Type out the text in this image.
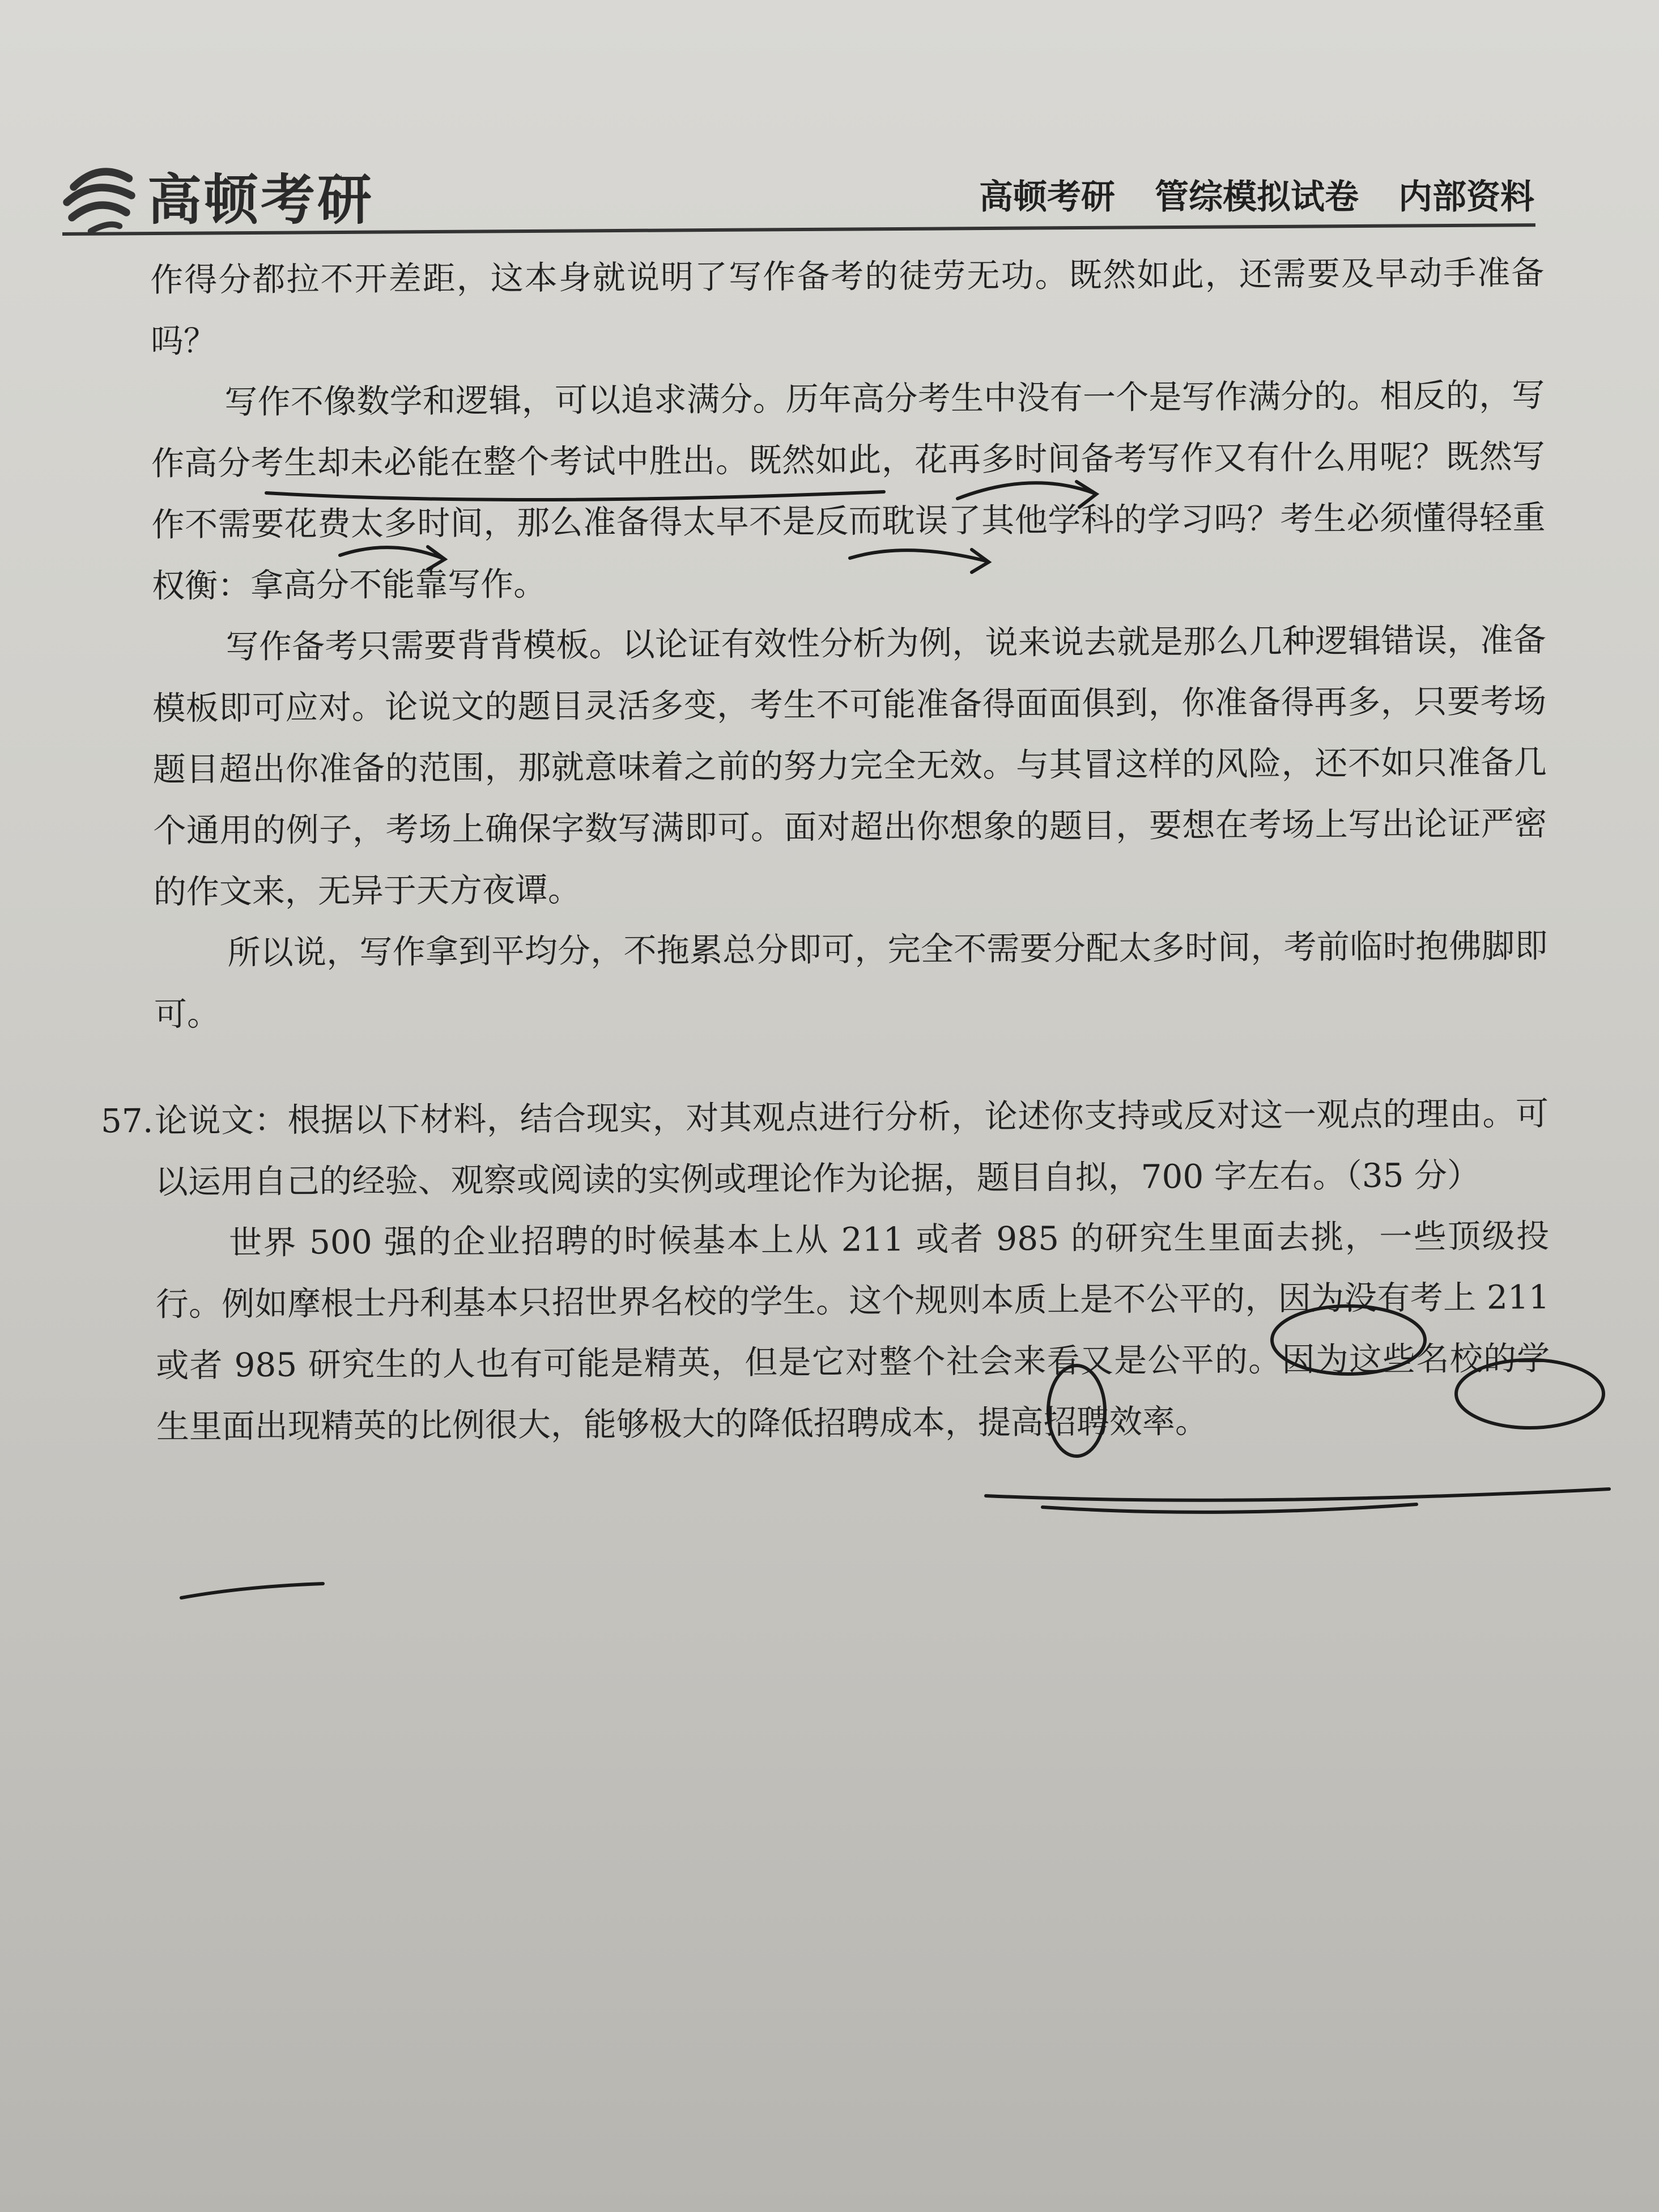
高顿考研	高顿考研 管综模拟试卷 内部资料

作得分都拉不开差距，这本身就说明了写作备考的徒劳无功。既然如此，还需要及早动手准备吗？

写作不像数学和逻辑，可以追求满分。历年高分考生中没有一个是写作满分的。相反的，写作高分考生却未必能在整个考试中胜出。既然如此，花再多时间备考写作又有什么用呢？既然写作不需要花费太多时间，那么准备得太早不是反而耽误了其他学科的学习吗？考生必须懂得轻重权衡：拿高分不能靠写作。

写作备考只需要背背模板。以论证有效性分析为例，说来说去就是那么几种逻辑错误，准备模板即可应对。论说文的题目灵活多变，考生不可能准备得面面俱到，你准备得再多，只要考场题目超出你准备的范围，那就意味着之前的努力完全无效。与其冒这样的风险，还不如只准备几个通用的例子，考场上确保字数写满即可。面对超出你想象的题目，要想在考场上写出论证严密的作文来，无异于天方夜谭。

所以说，写作拿到平均分，不拖累总分即可，完全不需要分配太多时间，考前临时抱佛脚即可。

57. 论说文：根据以下材料，结合现实，对其观点进行分析，论述你支持或反对这一观点的理由。可以运用自己的经验、观察或阅读的实例或理论作为论据，题目自拟，700 字左右。（35 分）

世界 500 强的企业招聘的时候基本上从 211 或者 985 的研究生里面去挑，一些顶级投行。例如摩根士丹利基本只招世界名校的学生。这个规则本质上是不公平的，因为没有考上 211 或者 985 研究生的人也有可能是精英，但是它对整个社会来看又是公平的。因为这些名校的学生里面出现精英的比例很大，能够极大的降低招聘成本，提高招聘效率。
